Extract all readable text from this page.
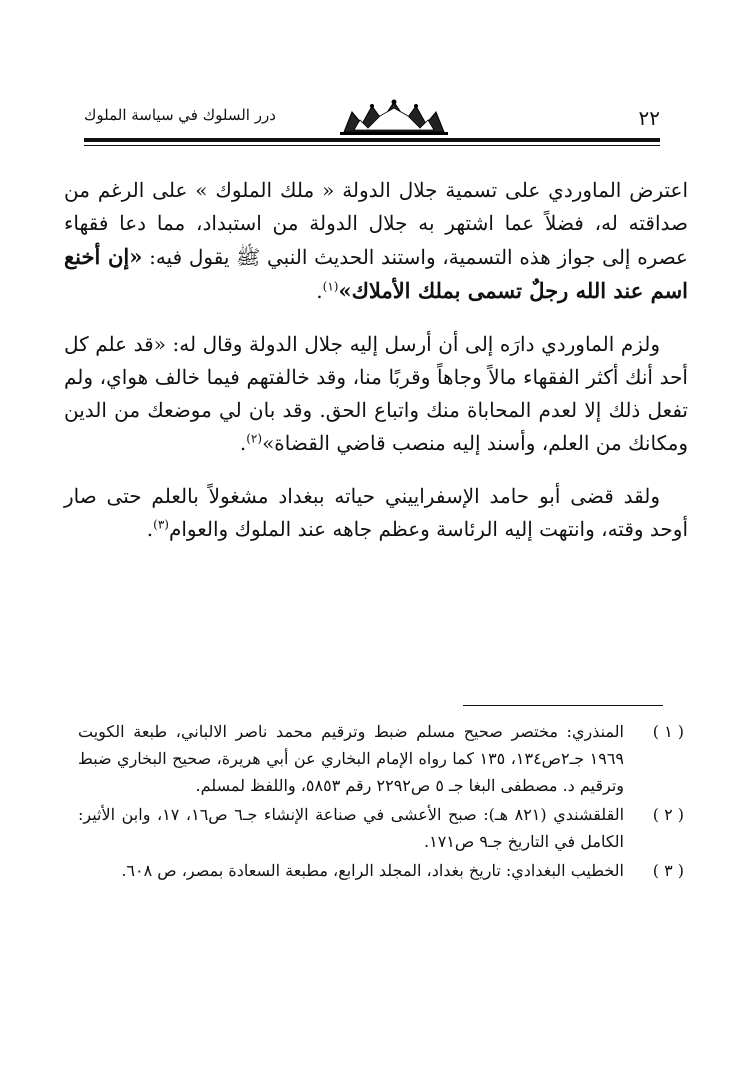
٢٢
درر السلوك في سياسة الملوك

اعترض الماوردي على تسمية جلال الدولة « ملك الملوك » على الرغم من صداقته له، فضلاً عما اشتهر به جلال الدولة من استبداد، مما دعا فقهاء عصره إلى جواز هذه التسمية، واستند الحديث النبي ﷺ يقول فيه: «إن أخنع اسم عند الله رجلٌ تسمى بملك الأملاك»$^{(١)}$.

ولزم الماوردي دارَه إلى أن أرسل إليه جلال الدولة وقال له: «قد علم كل أحد أنك أكثر الفقهاء مالاً وجاهاً وقربًا منا، وقد خالفتهم فيما خالف هواي، ولم تفعل ذلك إلا لعدم المحاباة منك واتباع الحق. وقد بان لي موضعك من الدين ومكانك من العلم، وأسند إليه منصب قاضي القضاة»$^{(٢)}$.

ولقد قضى أبو حامد الإسفراييني حياته ببغداد مشغولاً بالعلم حتى صار أوحد وقته، وانتهت إليه الرئاسة وعظم جاهه عند الملوك والعوام$^{(٣)}$.

( ١ )
المنذري: مختصر صحيح مسلم ضبط وترقيم محمد ناصر الالباني، طبعة الكويت ١٩٦٩ جـ٢ص١٣٤، ١٣٥ كما رواه الإمام البخاري عن أبي هريرة، صحيح البخاري ضبط وترقيم د. مصطفى البغا جـ ٥ ص٢٢٩٢ رقم ٥٨٥٣، واللفظ لمسلم.
( ٢ )
القلقشندي (٨٢١ هـ): صبح الأعشى في صناعة الإنشاء جـ٦ ص١٦، ١٧، وابن الأثير: الكامل في التاريخ جـ٩ ص١٧١.
( ٣ )
الخطيب البغدادي: تاريخ بغداد، المجلد الرابع، مطبعة السعادة بمصر، ص ٦٠٨.
